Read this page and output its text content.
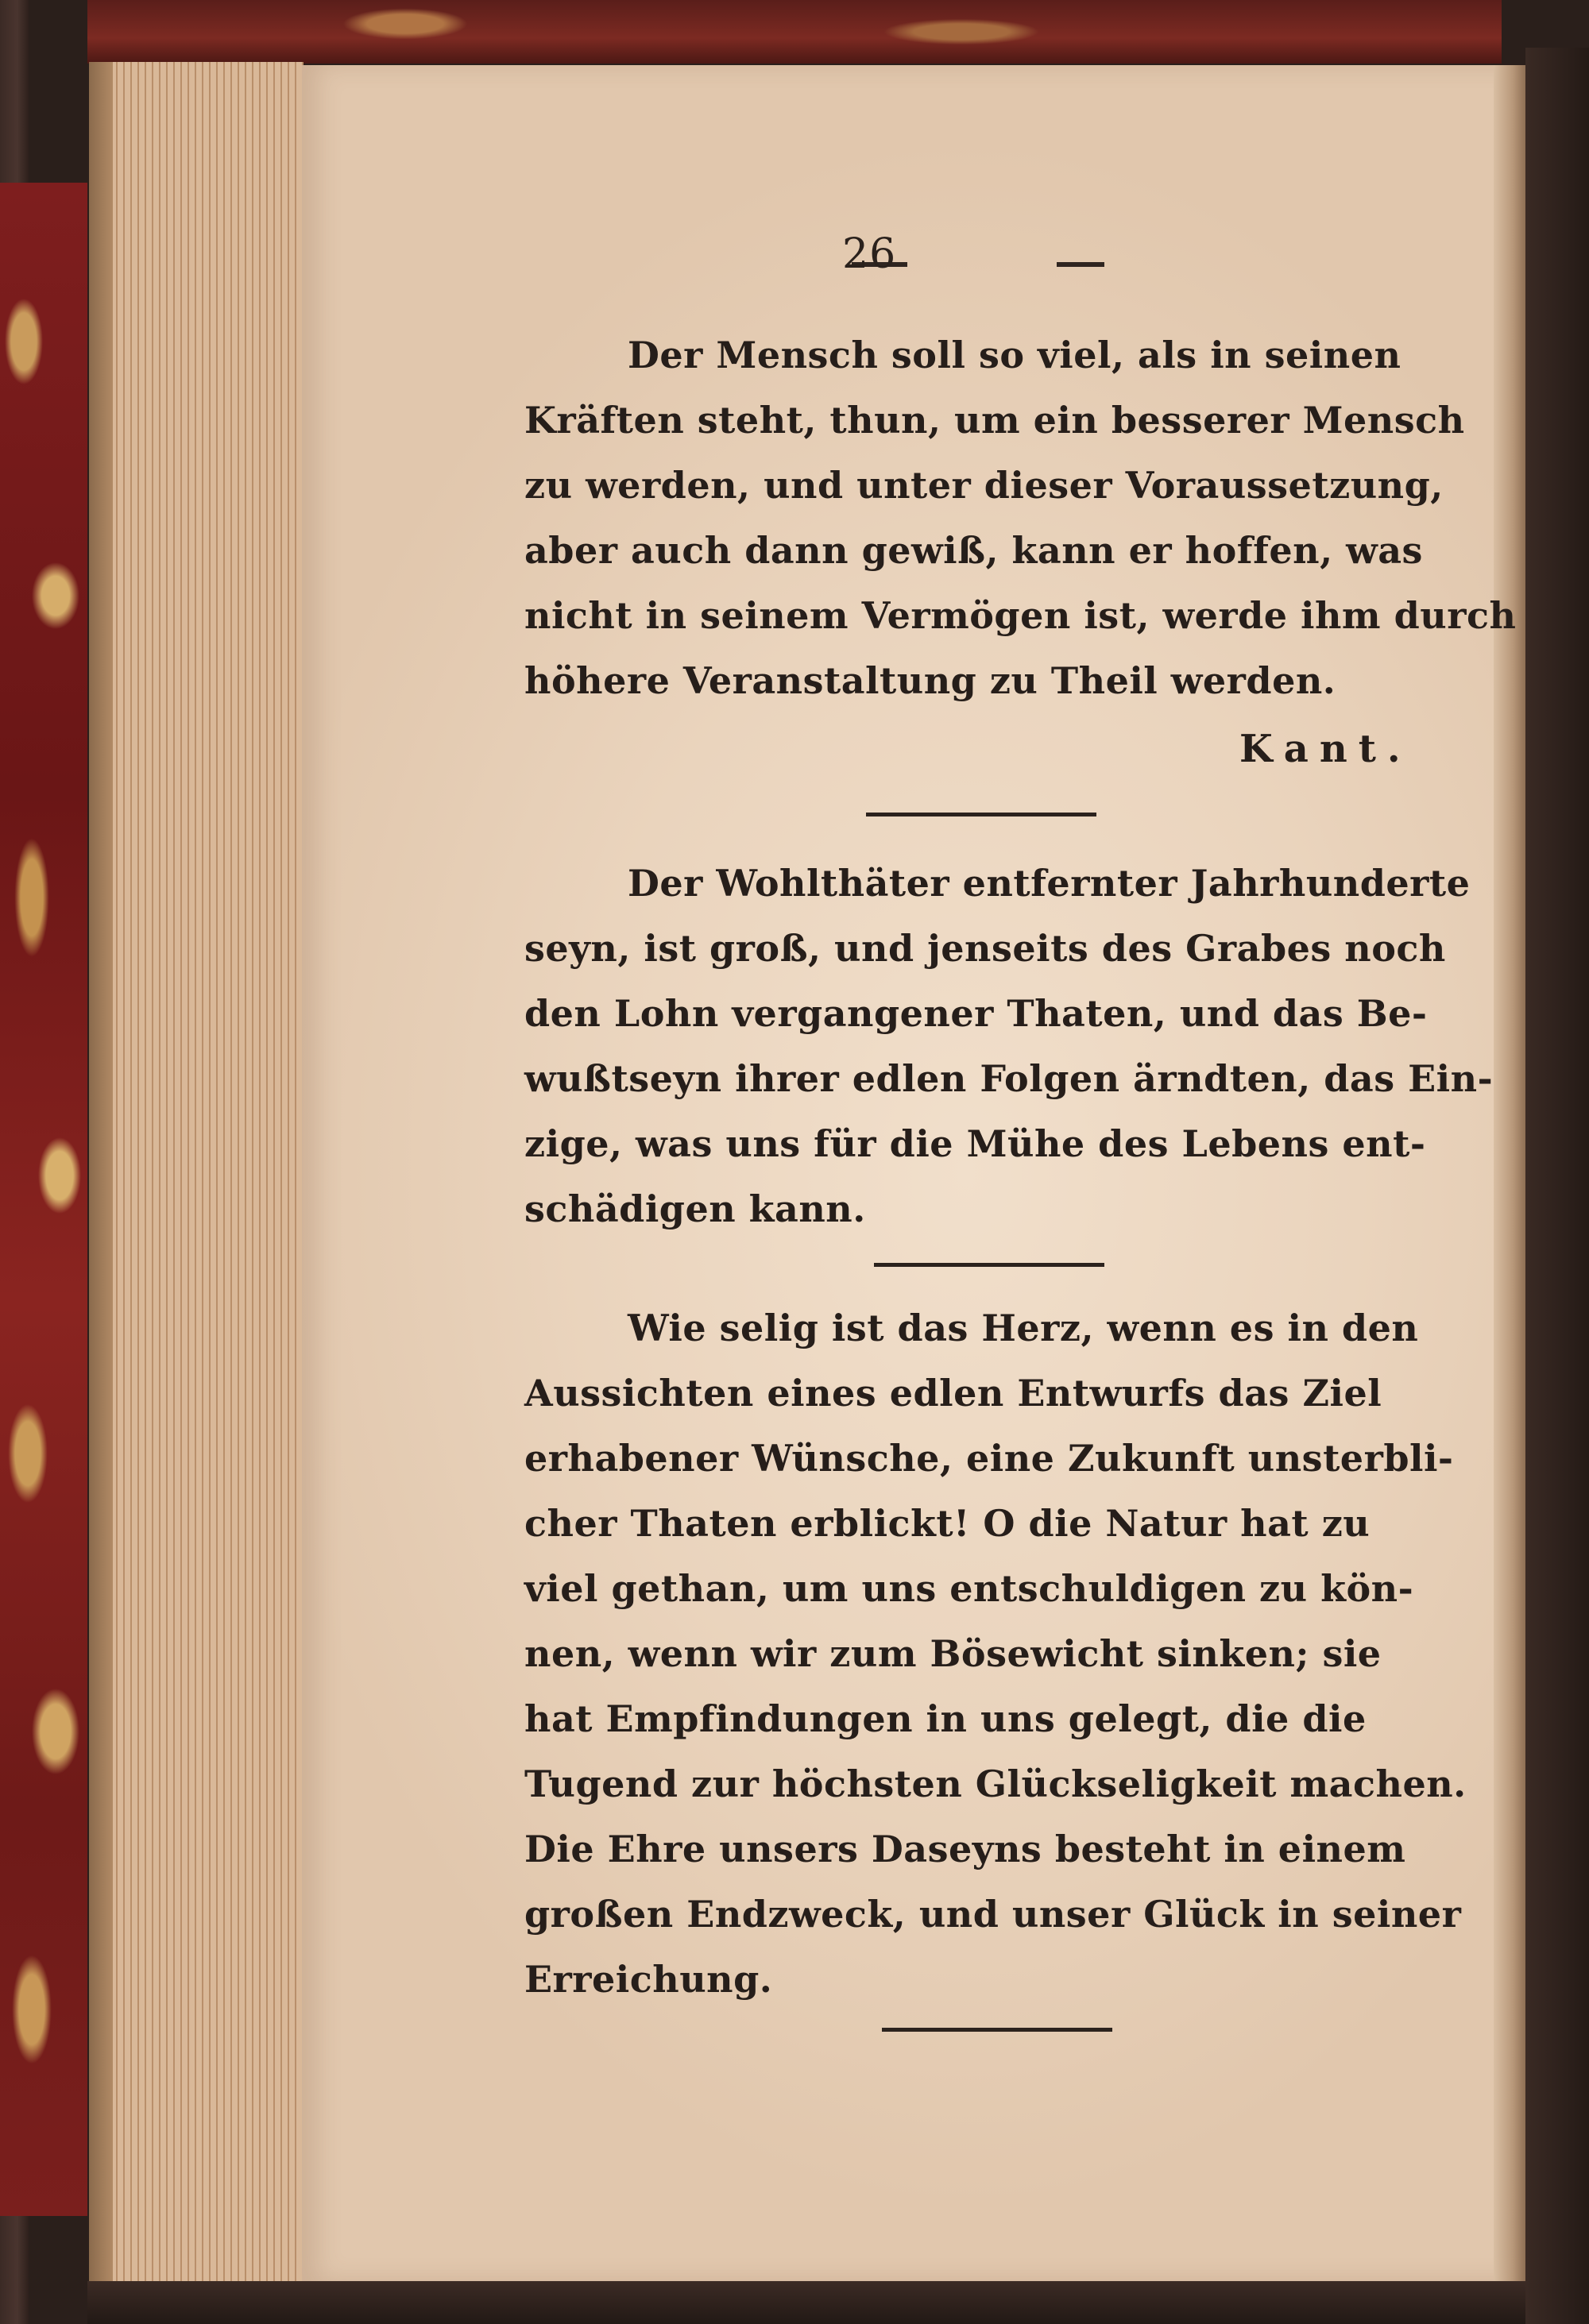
26
Der Mensch soll so viel, als in seinen
Kräften steht, thun, um ein besserer Mensch
zu werden, und unter dieser Voraussetzung,
aber auch dann gewiß, kann er hoffen, was
nicht in seinem Vermögen ist, werde ihm durch
höhere Veranstaltung zu Theil werden.
Kant.
Der Wohlthäter entfernter Jahrhunderte
seyn, ist groß, und jenseits des Grabes noch
den Lohn vergangener Thaten, und das Be-
wußtseyn ihrer edlen Folgen ärndten, das Ein-
zige, was uns für die Mühe des Lebens ent-
schädigen kann.
Wie selig ist das Herz, wenn es in den
Aussichten eines edlen Entwurfs das Ziel
erhabener Wünsche, eine Zukunft unsterbli-
cher Thaten erblickt! O die Natur hat zu
viel gethan, um uns entschuldigen zu kön-
nen, wenn wir zum Bösewicht sinken; sie
hat Empfindungen in uns gelegt, die die
Tugend zur höchsten Glückseligkeit machen.
Die Ehre unsers Daseyns besteht in einem
großen Endzweck, und unser Glück in seiner
Erreichung.
